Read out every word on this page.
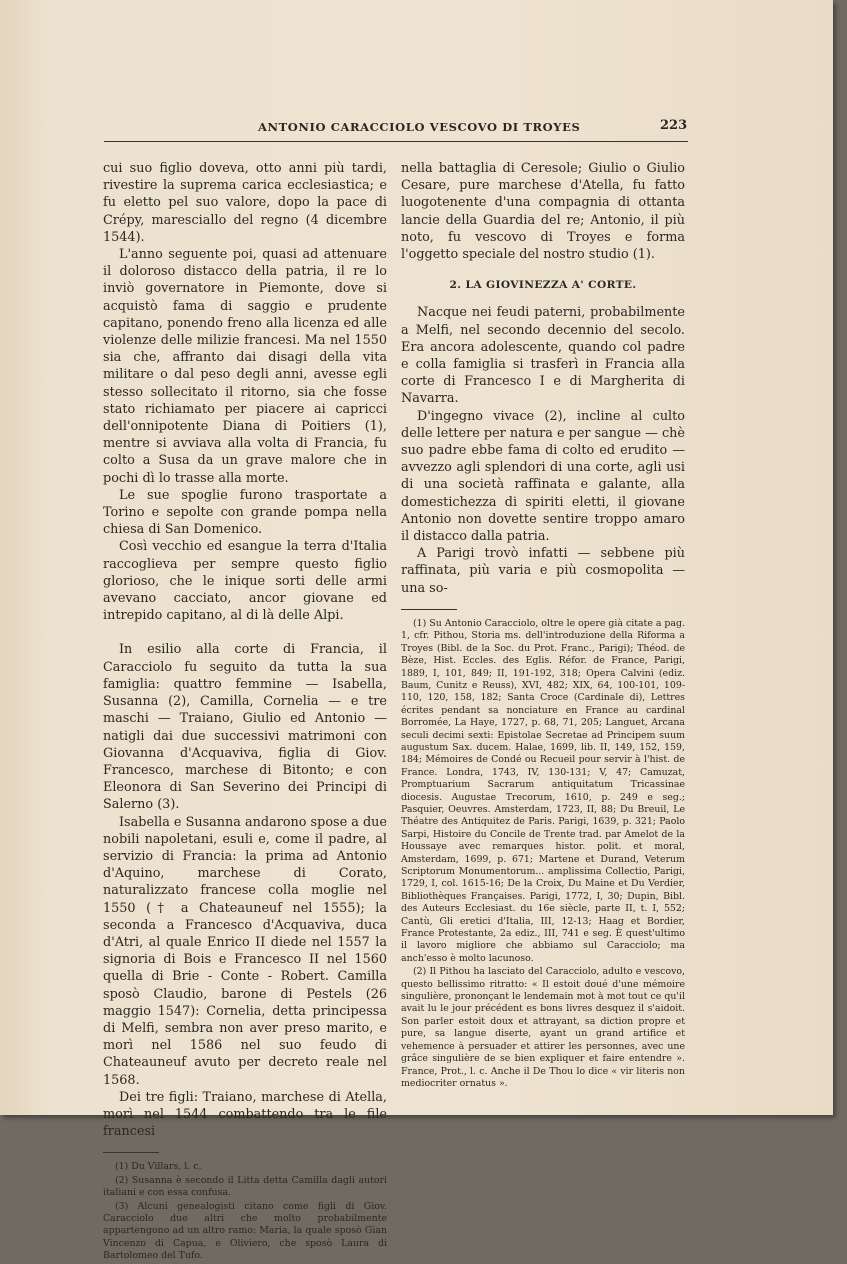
ANTONIO CARACCIOLO VESCOVO DI TROYES	223

cui suo figlio doveva, otto anni più tardi, rivestire la suprema carica ecclesiastica; e fu eletto pel suo valore, dopo la pace di Crépy, maresciallo del regno (4 dicembre 1544).

L'anno seguente poi, quasi ad attenuare il doloroso distacco della patria, il re lo inviò governatore in Piemonte, dove si acquistò fama di saggio e prudente capitano, ponendo freno alla licenza ed alle violenze delle milizie francesi. Ma nel 1550 sia che, affranto dai disagi della vita militare o dal peso degli anni, avesse egli stesso sollecitato il ritorno, sia che fosse stato richiamato per piacere ai capricci dell'onnipotente Diana di Poitiers (1), mentre si avviava alla volta di Francia, fu colto a Susa da un grave malore che in pochi dì lo trasse alla morte.

Le sue spoglie furono trasportate a Torino e sepolte con grande pompa nella chiesa di San Domenico.

Così vecchio ed esangue la terra d'Italia raccoglieva per sempre questo figlio glorioso, che le inique sorti delle armi avevano cacciato, ancor giovane ed intrepido capitano, al di là delle Alpi.

In esilio alla corte di Francia, il Caracciolo fu seguito da tutta la sua famiglia: quattro femmine — Isabella, Susanna (2), Camilla, Cornelia — e tre maschi — Traiano, Giulio ed Antonio — natigli dai due successivi matrimoni con Giovanna d'Acquaviva, figlia di Giov. Francesco, marchese di Bitonto; e con Eleonora di San Severino dei Principi di Salerno (3).

Isabella e Susanna andarono spose a due nobili napoletani, esuli e, come il padre, al servizio di Francia: la prima ad Antonio d'Aquino, marchese di Corato, naturalizzato francese colla moglie nel 1550 († a Chateauneuf nel 1555); la seconda a Francesco d'Acquaviva, duca d'Atri, al quale Enrico II diede nel 1557 la signoria di Bois e Francesco II nel 1560 quella di Brie - Conte - Robert. Camilla sposò Claudio, barone di Pestels (26 maggio 1547): Cornelia, detta principessa di Melfi, sembra non aver preso marito, e morì nel 1586 nel suo feudo di Chateauneuf avuto per decreto reale nel 1568.

Dei tre figli: Traiano, marchese di Atella, morì nel 1544 combattendo tra le file francesi

(1) Du Villars, l. c.

(2) Susanna è secondo il Litta detta Camilla dagli autori italiani e con essa confusa.

(3) Alcuni genealogisti citano come figli di Giov. Caracciolo due altri che molto probabilmente appartengono ad un altro ramo: Maria, la quale sposò Gian Vincenzo di Capua, e Oliviero, che sposò Laura di Bartolomeo del Tufo.

nella battaglia di Ceresole; Giulio o Giulio Cesare, pure marchese d'Atella, fu fatto luogotenente d'una compagnia di ottanta lancie della Guardia del re; Antonio, il più noto, fu vescovo di Troyes e forma l'oggetto speciale del nostro studio (1).

2. LA GIOVINEZZA A' CORTE.

Nacque nei feudi paterni, probabilmente a Melfi, nel secondo decennio del secolo. Era ancora adolescente, quando col padre e colla famiglia si trasferì in Francia alla corte di Francesco I e di Margherita di Navarra.

D'ingegno vivace (2), incline al culto delle lettere per natura e per sangue — chè suo padre ebbe fama di colto ed erudito — avvezzo agli splendori di una corte, agli usi di una società raffinata e galante, alla domestichezza di spiriti eletti, il giovane Antonio non dovette sentire troppo amaro il distacco dalla patria.

A Parigi trovò infatti — sebbene più raffinata, più varia e più cosmopolita — una so-

(1) Su Antonio Caracciolo, oltre le opere già citate a pag. 1, cfr. Pithou, Storia ms. dell'introduzione della Riforma a Troyes (Bibl. de la Soc. du Prot. Franc., Parigi); Théod. de Bèze, Hist. Eccles. des Eglis. Réfor. de France, Parigi, 1889, I, 101, 849; II, 191-192, 318; Opera Calvini (ediz. Baum, Cunitz e Reuss), XVI, 482; XIX, 64, 100-101, 109-110, 120, 158, 182; Santa Croce (Cardinale di), Lettres écrites pendant sa nonciature en France au cardinal Borromée, La Haye, 1727, p. 68, 71, 205; Languet, Arcana seculi decimi sexti: Epistolae Secretae ad Principem suum augustum Sax. ducem. Halae, 1699, lib. II, 149, 152, 159, 184; Mémoires de Condé ou Recueil pour servir à l'hist. de France. Londra, 1743, IV, 130-131; V, 47; Camuzat, Promptuarium Sacrarum antiquitatum Tricassinae diocesis. Augustae Trecorum, 1610, p. 249 e seg.; Pasquier, Oeuvres. Amsterdam, 1723, II, 88; Du Breuil, Le Théatre des Antiquitez de Paris. Parigi, 1639, p. 321; Paolo Sarpi, Histoire du Concile de Trente trad. par Amelot de la Houssaye avec remarques histor. polit. et moral, Amsterdam, 1699, p. 671; Martene et Durand, Veterum Scriptorum Monumentorum... amplissima Collectio, Parigi, 1729, I, col. 1615-16; De la Croix, Du Maine et Du Verdier, Bibliothèques Françaises. Parigi, 1772, I, 30; Dupin, Bibl. des Auteurs Ecclesiast. du 16e siècle, parte II, t. I, 552; Cantù, Gli eretici d'Italia, III, 12-13; Haag et Bordier, France Protestante, 2a ediz., III, 741 e seg. È quest'ultimo il lavoro migliore che abbiamo sul Caracciolo; ma anch'esso è molto lacunoso.

(2) Il Pithou ha lasciato del Caracciolo, adulto e vescovo, questo bellissimo ritratto: « Il estoit doué d'une mémoire singulière, prononçant le lendemain mot à mot tout ce qu'il avait lu le jour précédent es bons livres desquez il s'aidoit. Son parler estoit doux et attrayant, sa diction propre et pure, sa langue diserte, ayant un grand artifice et vehemence à persuader et attirer les personnes, avec une grâce singulière de se bien expliquer et faire entendre ». France, Prot., l. c. Anche il De Thou lo dice « vir literis non mediocriter ornatus ».
